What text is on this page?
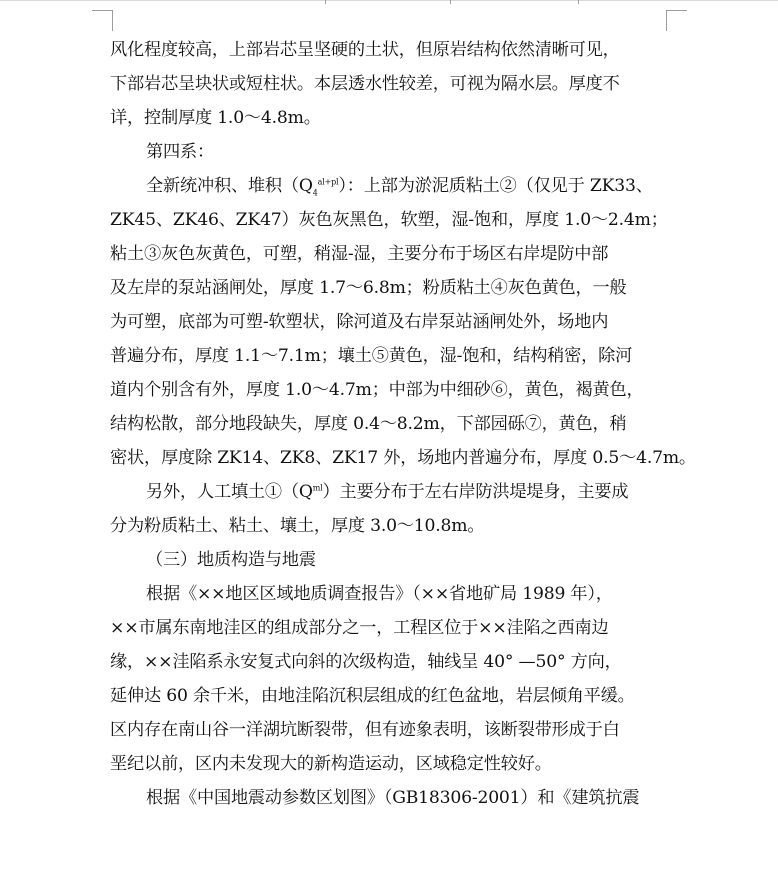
风化程度较高，上部岩芯呈坚硬的土状，但原岩结构依然清晰可见，
下部岩芯呈块状或短柱状。本层透水性较差，可视为隔水层。厚度不
详，控制厚度 1.0～4.8m。
第四系：
全新统冲积、堆积$(Q_4^{al+pl})$：上部为淤泥质粘土②（仅见于 ZK33、
ZK45、ZK46、ZK47）灰色灰黑色，软塑，湿-饱和，厚度 1.0～2.4m；
粘土③灰色灰黄色，可塑，稍湿-湿，主要分布于场区右岸堤防中部
及左岸的泵站涵闸处，厚度 1.7～6.8m；粉质粘土④灰色黄色，一般
为可塑，底部为可塑-软塑状，除河道及右岸泵站涵闸处外，场地内
普遍分布，厚度 1.1～7.1m；壤土⑤黄色，湿-饱和，结构稍密，除河
道内个别含有外，厚度 1.0～4.7m；中部为中细砂⑥，黄色，褐黄色，
结构松散，部分地段缺失，厚度 0.4～8.2m，下部园砾⑦，黄色，稍
密状，厚度除 ZK14、ZK8、ZK17 外，场地内普遍分布，厚度 0.5～4.7m。
另外，人工填土$①(Q^{ml})$主要分布于左右岸防洪堤堤身，主要成
分为粉质粘土、粘土、壤土，厚度 3.0～10.8m。
（三）地质构造与地震
根据《××地区区域地质调查报告》（××省地矿局 1989 年），
××市属东南地洼区的组成部分之一，工程区位于××洼陷之西南边
缘，××洼陷系永安复式向斜的次级构造，轴线呈 40° —50° 方向，
延伸达 60 余千米，由地洼陷沉积层组成的红色盆地，岩层倾角平缓。
区内存在南山谷一洋湖坑断裂带，但有迹象表明，该断裂带形成于白
垩纪以前，区内未发现大的新构造运动，区域稳定性较好。
根据《中国地震动参数区划图》（GB18306-2001）和《建筑抗震
